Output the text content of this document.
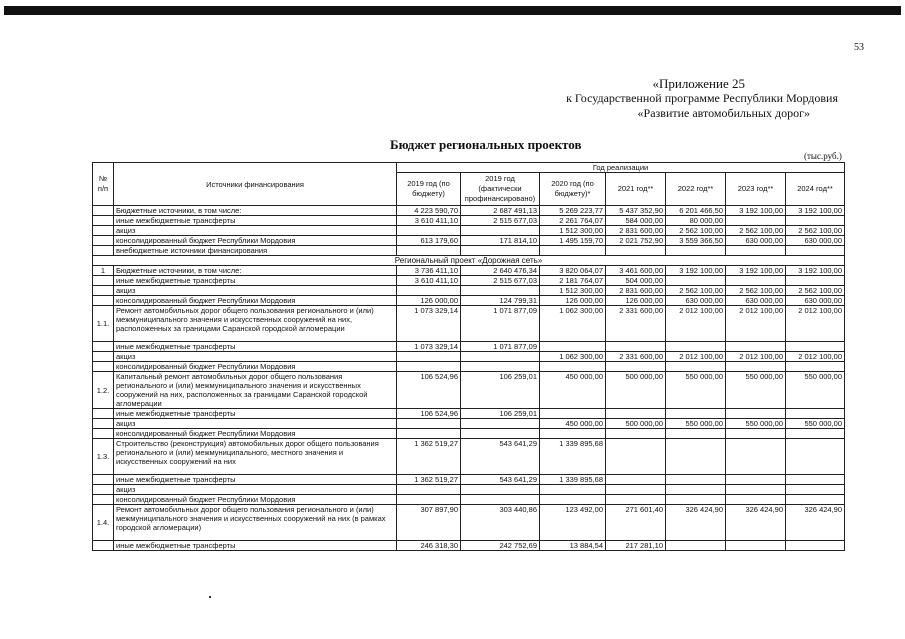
53
«Приложение 25
к Государственной программе Республики Мордовия
«Развитие автомобильных дорог»
Бюджет региональных проектов
(тыс.руб.)
№ п/п	Источники финансирования	Год реализации						
		2019 год (по бюджету)	2019 год (фактически профинансировано)	2020 год (по бюджету)*	2021 год**	2022 год**	2023 год**	2024 год**
	Бюджетные источники, в том числе:	4 223 590,70	2 687 491,13	5 269 223,77	5 437 352,90	6 201 466,50	3 192 100,00	3 192 100,00
	иные межбюджетные трансферты	3 610 411,10	2 515 677,03	2 261 764,07	584 000,00	80 000,00		
	акциз			1 512 300,00	2 831 600,00	2 562 100,00	2 562 100,00	2 562 100,00
	консолидированный бюджет Республики Мордовия	613 179,60	171 814,10	1 495 159,70	2 021 752,90	3 559 366,50	630 000,00	630 000,00
	внебюджетные источники финансирования							
Региональный проект «Дорожная сеть»								
1	Бюджетные источники, в том числе:	3 736 411,10	2 640 476,34	3 820 064,07	3 461 600,00	3 192 100,00	3 192 100,00	3 192 100,00
	иные межбюджетные трансферты	3 610 411,10	2 515 677,03	2 181 764,07	504 000,00			
	акциз			1 512 300,00	2 831 600,00	2 562 100,00	2 562 100,00	2 562 100,00
	консолидированный бюджет Республики Мордовия	126 000,00	124 799,31	126 000,00	126 000,00	630 000,00	630 000,00	630 000,00
1.1.	Ремонт автомобильных дорог общего пользования регионального и (или) межмуниципального значения и искусственных сооружений на них, расположенных за границами Саранской городской агломерации	1 073 329,14	1 071 877,09	1 062 300,00	2 331 600,00	2 012 100,00	2 012 100,00	2 012 100,00
	иные межбюджетные трансферты	1 073 329,14	1 071 877,09					
	акциз			1 062 300,00	2 331 600,00	2 012 100,00	2 012 100,00	2 012 100,00
	консолидированный бюджет Республики Мордовия							
1.2.	Капитальный ремонт автомобильных дорог общего пользования регионального и (или) межмуниципального значения и искусственных сооружений на них, расположенных за границами Саранской городской агломерации	106 524,96	106 259,01	450 000,00	500 000,00	550 000,00	550 000,00	550 000,00
	иные межбюджетные трансферты	106 524,96	106 259,01					
	акциз			450 000,00	500 000,00	550 000,00	550 000,00	550 000,00
	консолидированный бюджет Республики Мордовия							
1.3.	Строительство (реконструкция) автомобильных дорог общего пользования регионального и (или) межмуниципального, местного значения и искусственных сооружений на них	1 362 519,27	543 641,29	1 339 895,68				
	иные межбюджетные трансферты	1 362 519,27	543 641,29	1 339 895,68				
	акциз							
	консолидированный бюджет Республики Мордовия							
1.4.	Ремонт автомобильных дорог общего пользования регионального и (или) межмуниципального значения и искусственных сооружений на них (в рамках городской агломерации)	307 897,90	303 440,86	123 492,00	271 601,40	326 424,90	326 424,90	326 424,90
	иные межбюджетные трансферты	246 318,30	242 752,69	13 884,54	217 281,10			
